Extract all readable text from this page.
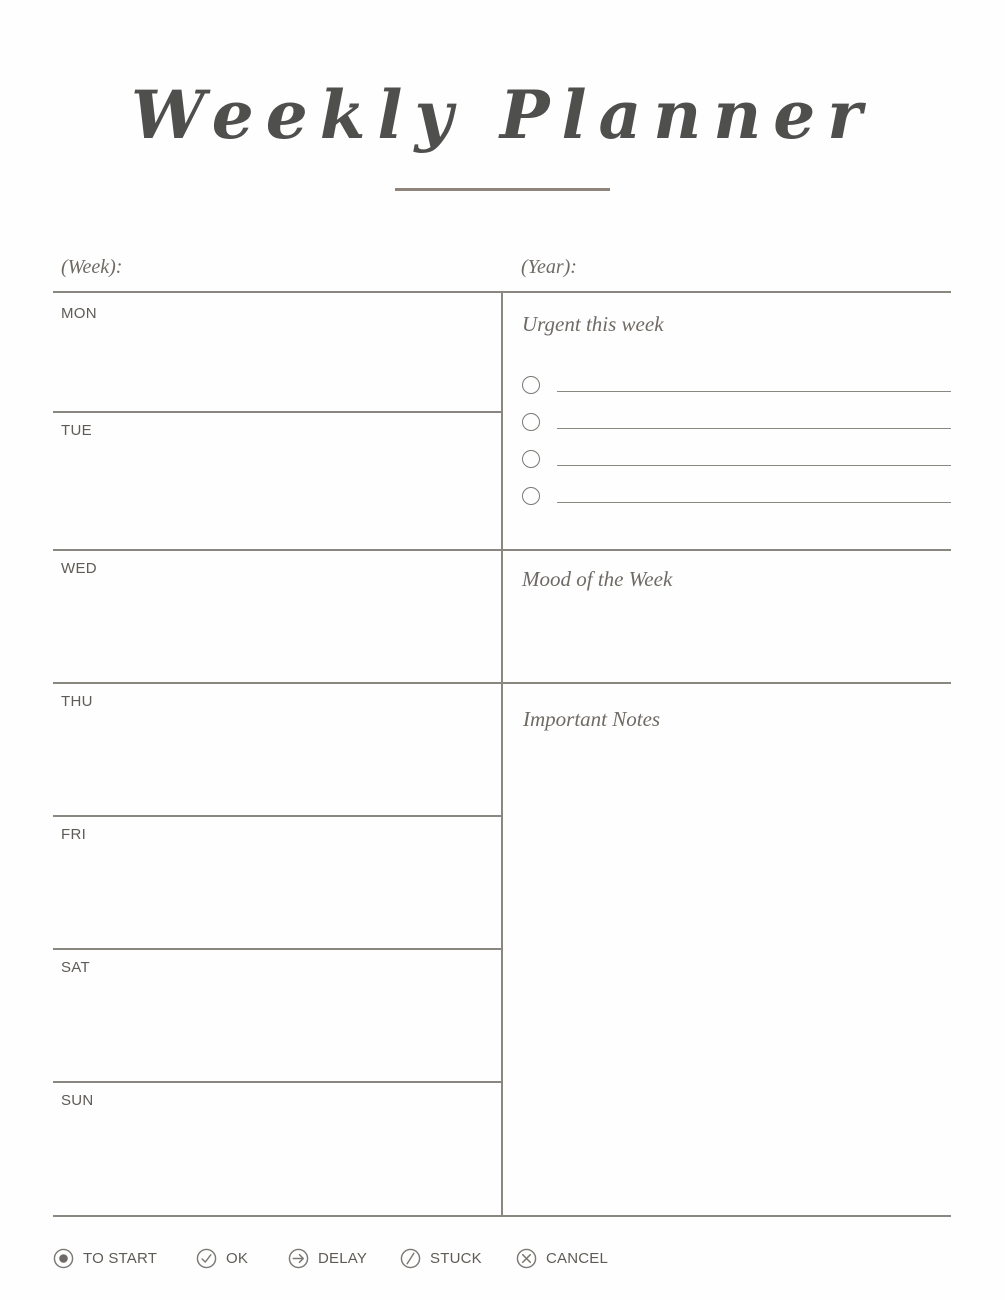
Weekly Planner
(Week):	(Year):
MON
TUE
WED
THU
FRI
SAT
SUN
Urgent this week
Mood of the Week
Important Notes
TO START	OK	DELAY	STUCK	CANCEL
